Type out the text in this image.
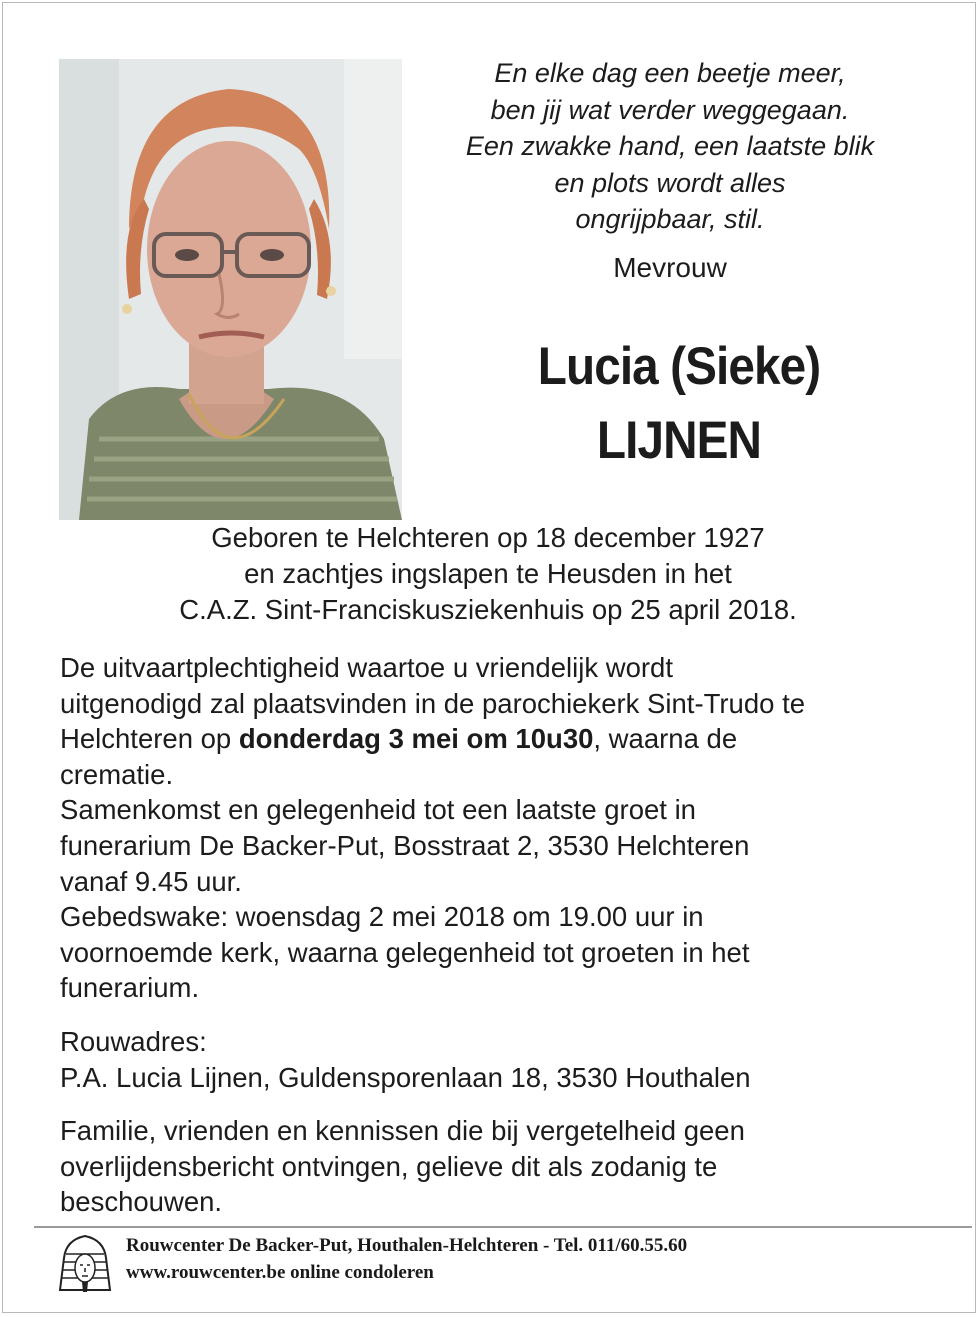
En elke dag een beetje meer,
ben jij wat verder weggegaan.
Een zwakke hand, een laatste blik
en plots wordt alles
ongrijpbaar, stil.
Mevrouw
Lucia (Sieke)
LIJNEN
Geboren te Helchteren op 18 december 1927
en zachtjes ingslapen te Heusden in het
C.A.Z. Sint-Franciskusziekenhuis op 25 april 2018.
De uitvaartplechtigheid waartoe u vriendelijk wordt
uitgenodigd zal plaatsvinden in de parochiekerk Sint-Trudo te
Helchteren op donderdag 3 mei om 10u30, waarna de
crematie.
Samenkomst en gelegenheid tot een laatste groet in
funerarium De Backer-Put, Bosstraat 2, 3530 Helchteren
vanaf 9.45 uur.
Gebedswake: woensdag 2 mei 2018 om 19.00 uur in
voornoemde kerk, waarna gelegenheid tot groeten in het
funerarium.
Rouwadres:
P.A. Lucia Lijnen, Guldensporenlaan 18, 3530 Houthalen
Familie, vrienden en kennissen die bij vergetelheid geen
overlijdensbericht ontvingen, gelieve dit als zodanig te
beschouwen.
Rouwcenter De Backer-Put, Houthalen-Helchteren - Tel. 011/60.55.60
www.rouwcenter.be online condoleren
